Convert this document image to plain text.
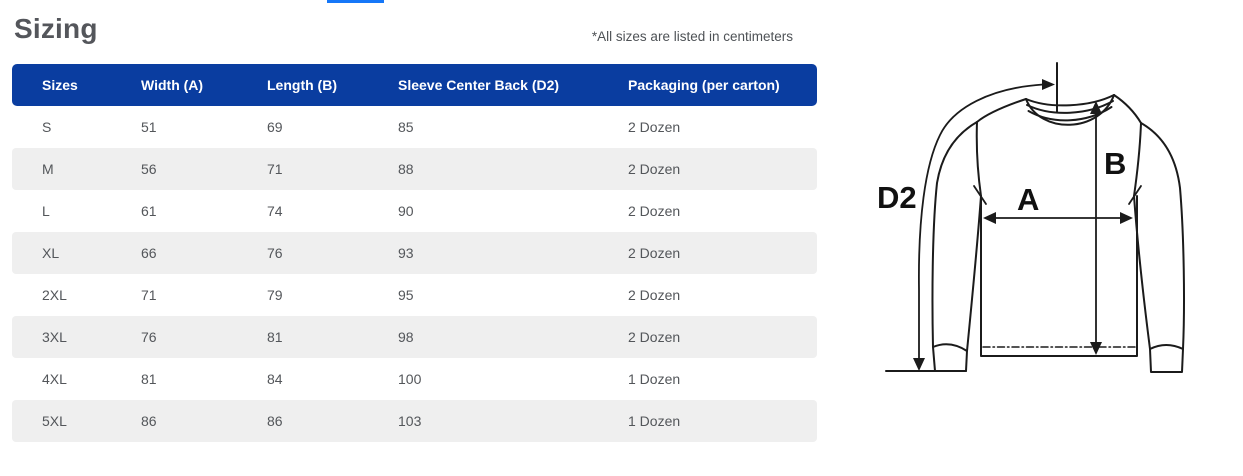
Sizing	*All sizes are listed in centimeters
Sizes	Width (A)	Length (B)	Sleeve Center Back (D2)	Packaging (per carton)
S	51	69	85	2 Dozen
M	56	71	88	2 Dozen
L	61	74	90	2 Dozen
XL	66	76	93	2 Dozen
2XL	71	79	95	2 Dozen
3XL	76	81	98	2 Dozen
4XL	81	84	100	1 Dozen
5XL	86	86	103	1 Dozen
D2	A
B
